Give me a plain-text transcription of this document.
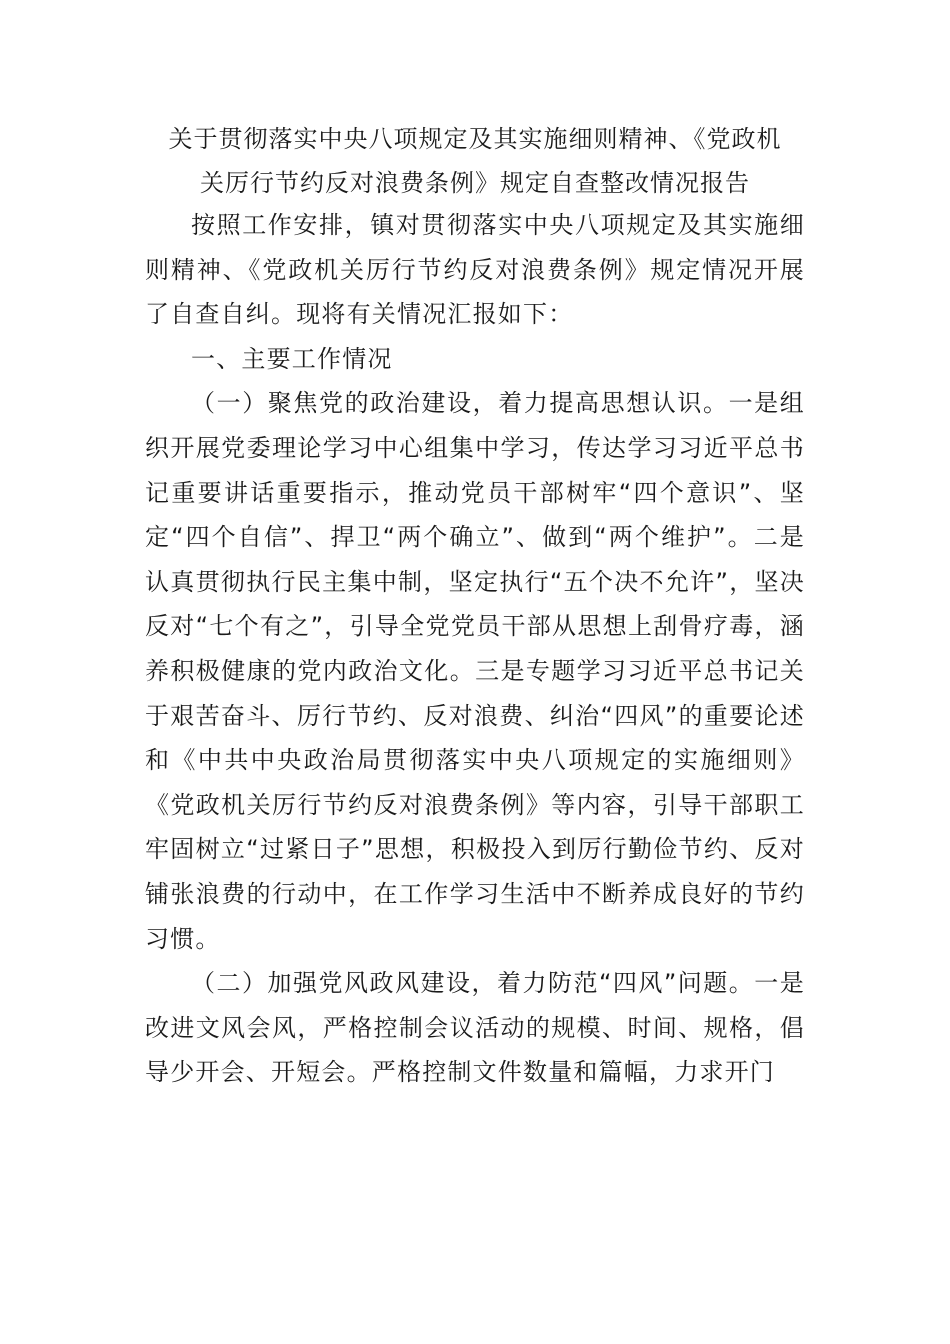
关于贯彻落实中央八项规定及其实施细则精神、《党政机
关厉行节约反对浪费条例》规定自查整改情况报告

按照工作安排，镇对贯彻落实中央八项规定及其实施细则精神、《党政机关厉行节约反对浪费条例》规定情况开展了自查自纠。现将有关情况汇报如下：

一、主要工作情况

（一）聚焦党的政治建设，着力提高思想认识。一是组织开展党委理论学习中心组集中学习，传达学习习近平总书记重要讲话重要指示，推动党员干部树牢“四个意识”、坚定“四个自信”、捍卫“两个确立”、做到“两个维护”。二是认真贯彻执行民主集中制，坚定执行“五个决不允许”，坚决反对“七个有之”，引导全党党员干部从思想上刮骨疗毒，涵养积极健康的党内政治文化。三是专题学习习近平总书记关于艰苦奋斗、厉行节约、反对浪费、纠治“四风”的重要论述和《中共中央政治局贯彻落实中央八项规定的实施细则》《党政机关厉行节约反对浪费条例》等内容，引导干部职工牢固树立“过紧日子”思想，积极投入到厉行勤俭节约、反对铺张浪费的行动中，在工作学习生活中不断养成良好的节约习惯。

（二）加强党风政风建设，着力防范“四风”问题。一是改进文风会风，严格控制会议活动的规模、时间、规格，倡导少开会、开短会。严格控制文件数量和篇幅，力求开门
